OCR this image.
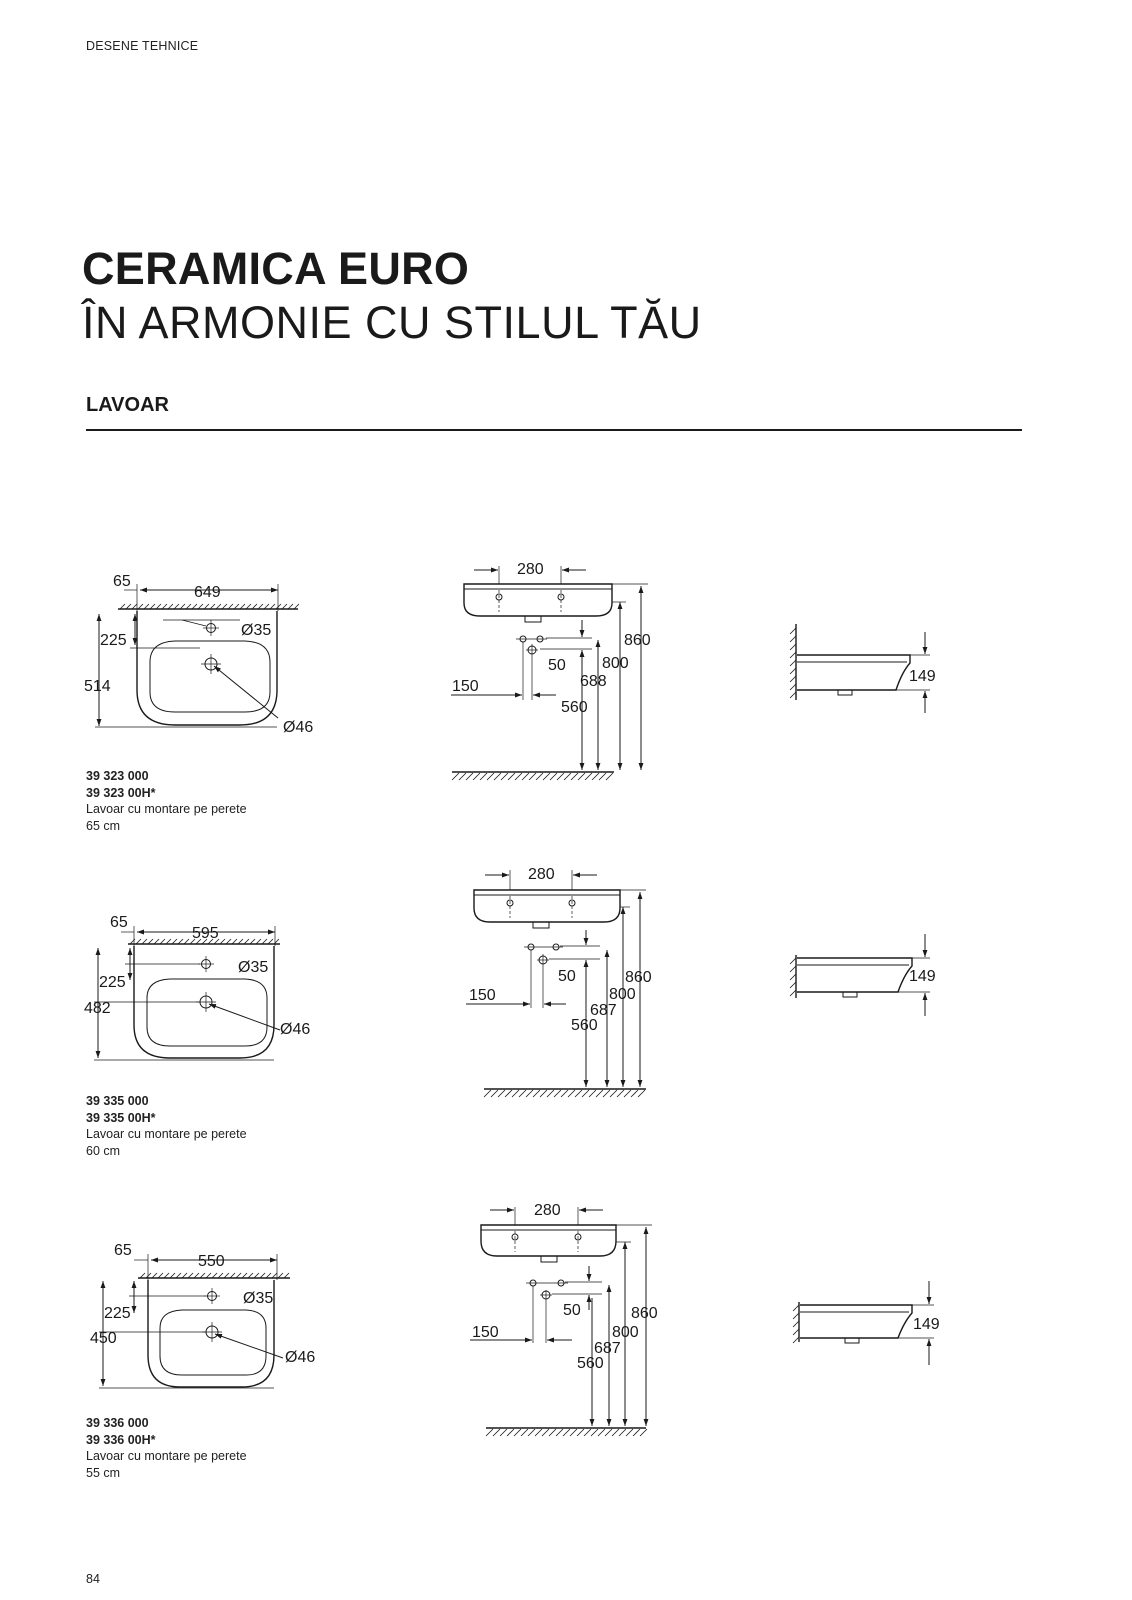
DESENE TEHNICE
CERAMICA EURO
ÎN ARMONIE CU STILUL TĂU
LAVOAR
65
649
225
514
Ø35
Ø46
280
50
150
560
688
800
860
149
65
595
225
482
Ø35
Ø46
280
50
150
560
687
800
860	149
65
550
225
450
Ø35
Ø46
280
50
150
560
687
800
860
149
39 323 000
39 323 00H*
Lavoar cu montare pe perete
65 cm
39 335 000
39 335 00H*
Lavoar cu montare pe perete
60 cm
39 336 000
39 336 00H*
Lavoar cu montare pe perete
55 cm
84
